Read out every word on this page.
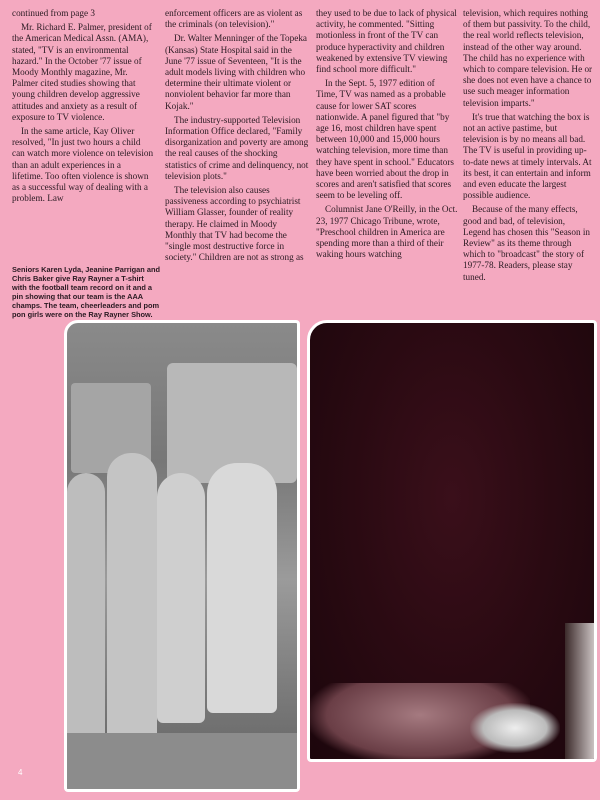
continued from page 3

Mr. Richard E. Palmer, president of the American Medical Assn. (AMA), stated, "TV is an environmental hazard." In the October '77 issue of Moody Monthly magazine, Mr. Palmer cited studies showing that young children develop aggressive attitudes and anxiety as a result of exposure to TV violence.

In the same article, Kay Oliver resolved, "In just two hours a child can watch more violence on television than an adult experiences in a lifetime. Too often violence is shown as a successful way of dealing with a problem. Law

enforcement officers are as violent as the criminals (on television)."

Dr. Walter Menninger of the Topeka (Kansas) State Hospital said in the June '77 issue of Seventeen, "It is the adult models living with children who determine their ultimate violent or nonviolent behavior far more than Kojak."

The industry-supported Television Information Office declared, "Family disorganization and poverty are among the real causes of the shocking statistics of crime and delinquency, not television plots."

The television also causes passiveness according to psychiatrist William Glasser, founder of reality therapy. He claimed in Moody Monthly that TV had become the "single most destructive force in society." Children are not as strong as

they used to be due to lack of physical activity, he commented. "Sitting motionless in front of the TV can produce hyperactivity and children weakened by extensive TV viewing find school more difficult."

In the Sept. 5, 1977 edition of Time, TV was named as a probable cause for lower SAT scores nationwide. A panel figured that "by age 16, most children have spent between 10,000 and 15,000 hours watching television, more time than they have spent in school." Educators have been worried about the drop in scores and aren't satisfied that scores seem to be leveling off.

Columnist Jane O'Reilly, in the Oct. 23, 1977 Chicago Tribune, wrote, "Preschool children in America are spending more than a third of their waking hours watching

television, which requires nothing of them but passivity. To the child, the real world reflects television, instead of the other way around. The child has no experience with which to compare television. He or she does not even have a chance to use such meager information television imparts."

It's true that watching the box is not an active pastime, but television is by no means all bad. The TV is useful in providing up-to-date news at timely intervals. At its best, it can entertain and inform and even educate the largest possible audience.

Because of the many effects, good and bad, of television, Legend has chosen this "Season in Review" as its theme through which to "broadcast" the story of 1977-78. Readers, please stay tuned.

Seniors Karen Lyda, Jeanine Parrigan and Chris Baker give Ray Rayner a T-shirt with the football team record on it and a pin showing that our team is the AAA champs. The team, cheerleaders and pom pon girls were on the Ray Rayner Show.
4
